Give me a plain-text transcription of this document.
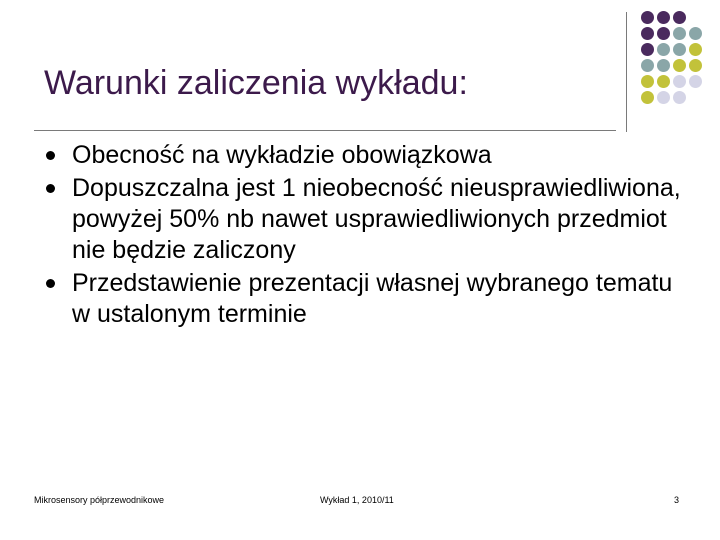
Warunki zaliczenia wykładu:
Obecność na wykładzie obowiązkowa
Dopuszczalna jest 1 nieobecność nieusprawiedliwiona, powyżej 50% nb nawet usprawiedliwionych przedmiot nie będzie zaliczony
Przedstawienie prezentacji własnej wybranego tematu w ustalonym terminie
Mikrosensory półprzewodnikowe	Wykład 1, 2010/11	3
